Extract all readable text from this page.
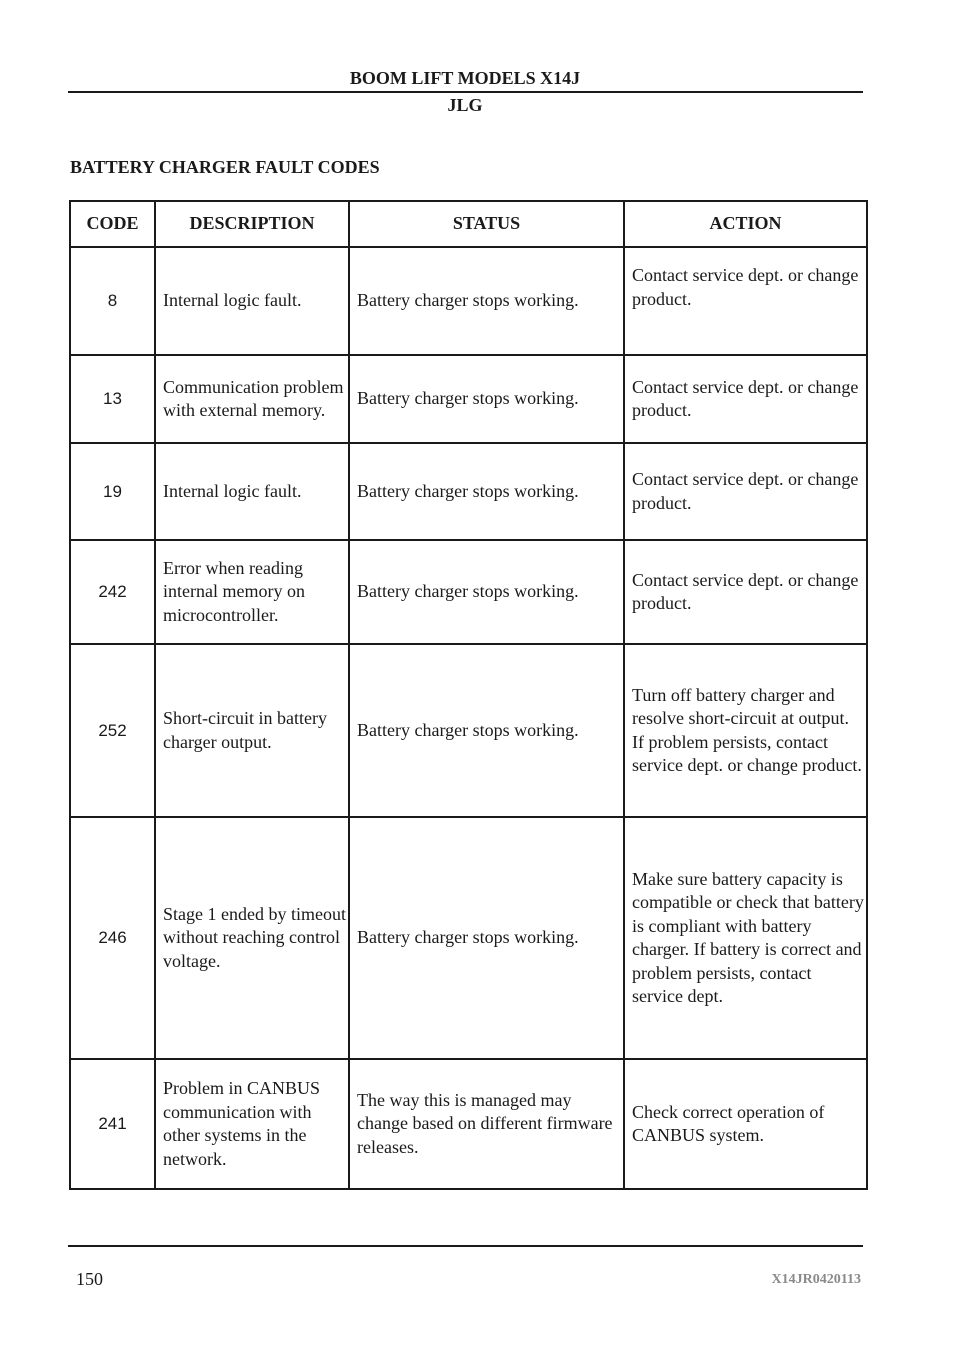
BOOM LIFT MODELS X14J
JLG
BATTERY CHARGER FAULT CODES
CODE	DESCRIPTION	STATUS	ACTION
8	Internal logic fault.	Battery charger stops working.	Contact service dept. or change product.
13	Communication problem with external memory.	Battery charger stops working.	Contact service dept. or change product.
19	Internal logic fault.	Battery charger stops working.	Contact service dept. or change product.
242	Error when reading internal memory on microcontroller.	Battery charger stops working.	Contact service dept. or change product.
252	Short-circuit in battery charger output.	Battery charger stops working.	Turn off battery charger and resolve short-circuit at output. If problem persists, contact service dept. or change product.
246	Stage 1 ended by timeout without reaching control voltage.	Battery charger stops working.	Make sure battery capacity is compatible or check that battery is compliant with battery charger. If battery is correct and problem persists, contact service dept.
241	Problem in CANBUS communication with other systems in the network.	The way this is managed may change based on different firmware releases.	Check correct operation of CANBUS system.
150	X14JR0420113
